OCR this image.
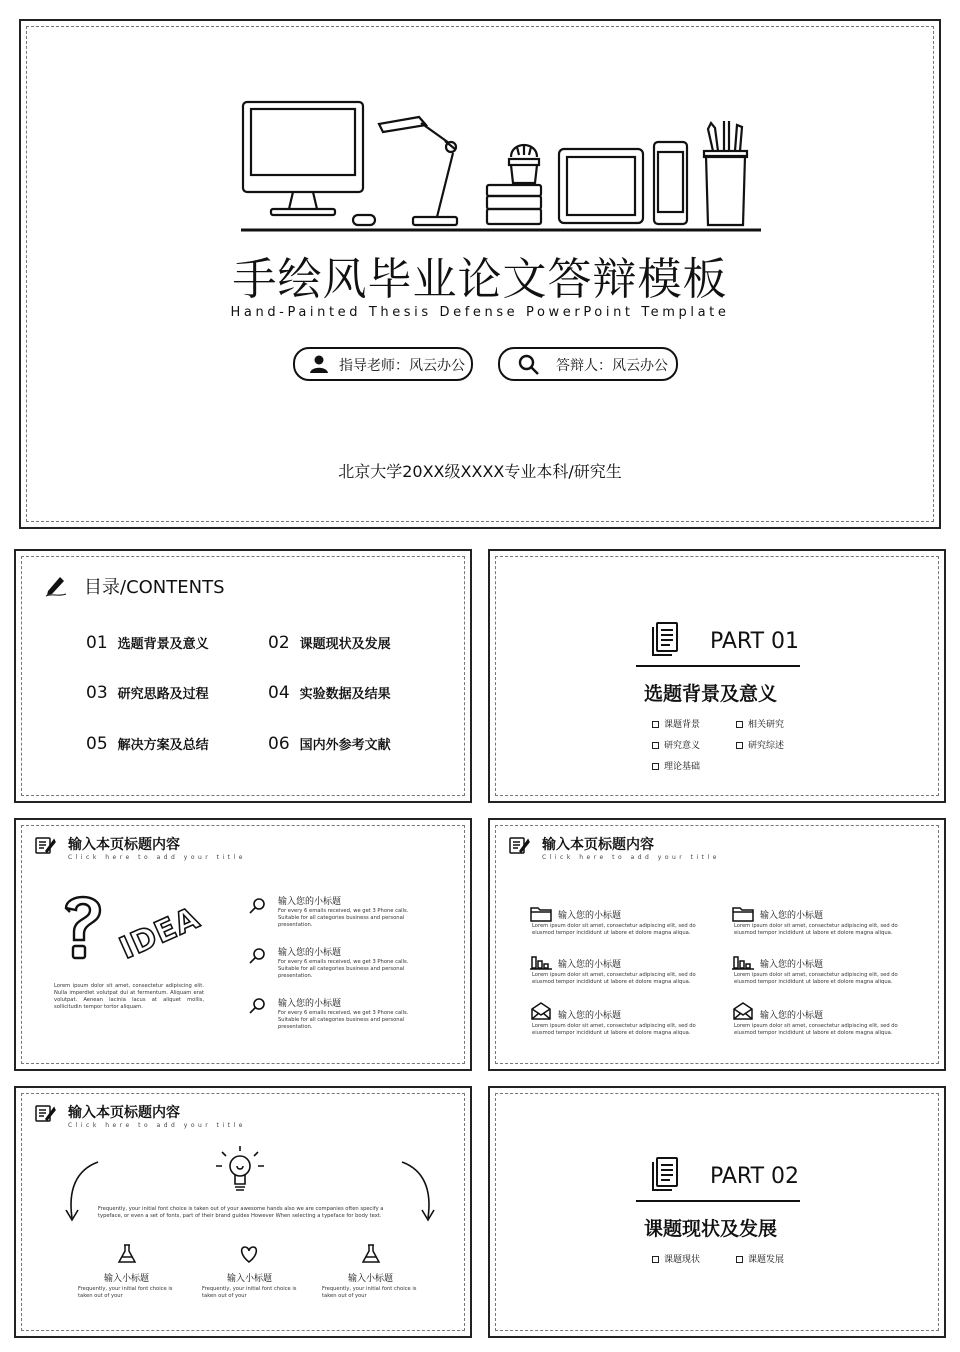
手绘风毕业论文答辩模板
Hand-Painted Thesis Defense PowerPoint Template
指导老师：风云办公	答辩人：风云办公
北京大学20XX级XXXX专业本科/研究生
目录/CONTENTS
01 选题背景及意义	02 课题现状及发展
03 研究思路及过程	04 实验数据及结果
05 解决方案及总结	06 国内外参考文献
PART 01
选题背景及意义
课题背景	相关研究
研究意义	研究综述
理论基础
输入本页标题内容
Click here to add your title
IDEA
Lorem ipsum dolor sit amet, consectetur adipiscing elit. Nulla imperdiet volutpat dui at fermentum. Aliquam erat volutpat. Aenean lacinia lacus at aliquet mollis, sollicitudin tempor tortor aliquam.
输入您的小标题
For every 6 emails received, we get 3 Phone calls. Suitable for all categories business and personal presentation.
输入您的小标题
For every 6 emails received, we get 3 Phone calls. Suitable for all categories business and personal presentation.
输入您的小标题
For every 6 emails received, we get 3 Phone calls. Suitable for all categories business and personal presentation.
输入本页标题内容
Click here to add your title
输入您的小标题
Lorem ipsum dolor sit amet, consectetur adipiscing elit, sed do eiusmod tempor incididunt ut labore et dolore magna aliqua.
输入您的小标题
Lorem ipsum dolor sit amet, consectetur adipiscing elit, sed do eiusmod tempor incididunt ut labore et dolore magna aliqua.
输入您的小标题
Lorem ipsum dolor sit amet, consectetur adipiscing elit, sed do eiusmod tempor incididunt ut labore et dolore magna aliqua.
输入您的小标题
Lorem ipsum dolor sit amet, consectetur adipiscing elit, sed do eiusmod tempor incididunt ut labore et dolore magna aliqua.
输入您的小标题
Lorem ipsum dolor sit amet, consectetur adipiscing elit, sed do eiusmod tempor incididunt ut labore et dolore magna aliqua.
输入您的小标题
Lorem ipsum dolor sit amet, consectetur adipiscing elit, sed do eiusmod tempor incididunt ut labore et dolore magna aliqua.
输入本页标题内容
Click here to add your title
Frequently, your initial font choice is taken out of your awesome hands also we are companies often specify a typeface, or even a set of fonts, part of their brand guides However When selecting a typeface for body text.
输入小标题
Frequently, your initial font choice is taken out of your
输入小标题
Frequently, your initial font choice is taken out of your
输入小标题
Frequently, your initial font choice is taken out of your
PART 02
课题现状及发展
课题现状	课题发展
